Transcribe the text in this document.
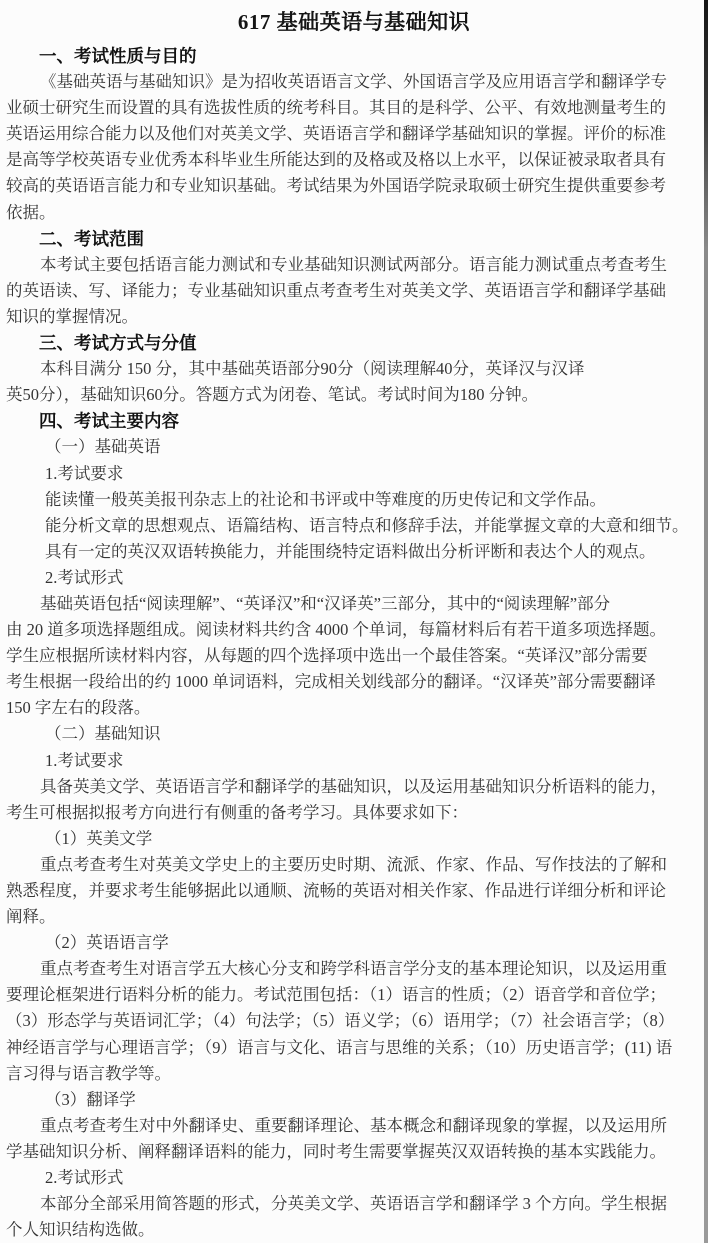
617 基础英语与基础知识
一、考试性质与目的
《基础英语与基础知识》是为招收英语语言文学、外国语言学及应用语言学和翻译学专
业硕士研究生而设置的具有选拔性质的统考科目。其目的是科学、公平、有效地测量考生的
英语运用综合能力以及他们对英美文学、英语语言学和翻译学基础知识的掌握。评价的标准
是高等学校英语专业优秀本科毕业生所能达到的及格或及格以上水平，以保证被录取者具有
较高的英语语言能力和专业知识基础。考试结果为外国语学院录取硕士研究生提供重要参考
依据。
二、考试范围
本考试主要包括语言能力测试和专业基础知识测试两部分。语言能力测试重点考查考生
的英语读、写、译能力；专业基础知识重点考查考生对英美文学、英语语言学和翻译学基础
知识的掌握情况。
三、考试方式与分值
本科目满分 150 分，其中基础英语部分90分（阅读理解40分，英译汉与汉译
英50分），基础知识60分。答题方式为闭卷、笔试。考试时间为180 分钟。
四、考试主要内容
（一）基础英语
1.考试要求
能读懂一般英美报刊杂志上的社论和书评或中等难度的历史传记和文学作品。
能分析文章的思想观点、语篇结构、语言特点和修辞手法，并能掌握文章的大意和细节。
具有一定的英汉双语转换能力，并能围绕特定语料做出分析评断和表达个人的观点。
2.考试形式
基础英语包括“阅读理解”、“英译汉”和“汉译英”三部分，其中的“阅读理解”部分
由 20 道多项选择题组成。阅读材料共约含 4000 个单词，每篇材料后有若干道多项选择题。
学生应根据所读材料内容，从每题的四个选择项中选出一个最佳答案。“英译汉”部分需要
考生根据一段给出的约 1000 单词语料，完成相关划线部分的翻译。“汉译英”部分需要翻译
150 字左右的段落。
（二）基础知识
1.考试要求
具备英美文学、英语语言学和翻译学的基础知识，以及运用基础知识分析语料的能力，
考生可根据拟报考方向进行有侧重的备考学习。具体要求如下：
（1）英美文学
重点考查考生对英美文学史上的主要历史时期、流派、作家、作品、写作技法的了解和
熟悉程度，并要求考生能够据此以通顺、流畅的英语对相关作家、作品进行详细分析和评论
阐释。
（2）英语语言学
重点考查考生对语言学五大核心分支和跨学科语言学分支的基本理论知识，以及运用重
要理论框架进行语料分析的能力。考试范围包括：（1）语言的性质；（2）语音学和音位学；
（3）形态学与英语词汇学；（4）句法学；（5）语义学；（6）语用学；（7）社会语言学；（8）
神经语言学与心理语言学；（9）语言与文化、语言与思维的关系；（10）历史语言学；(11) 语
言习得与语言教学等。
（3）翻译学
重点考查考生对中外翻译史、重要翻译理论、基本概念和翻译现象的掌握，以及运用所
学基础知识分析、阐释翻译语料的能力，同时考生需要掌握英汉双语转换的基本实践能力。
2.考试形式
本部分全部采用简答题的形式，分英美文学、英语语言学和翻译学 3 个方向。学生根据
个人知识结构选做。
